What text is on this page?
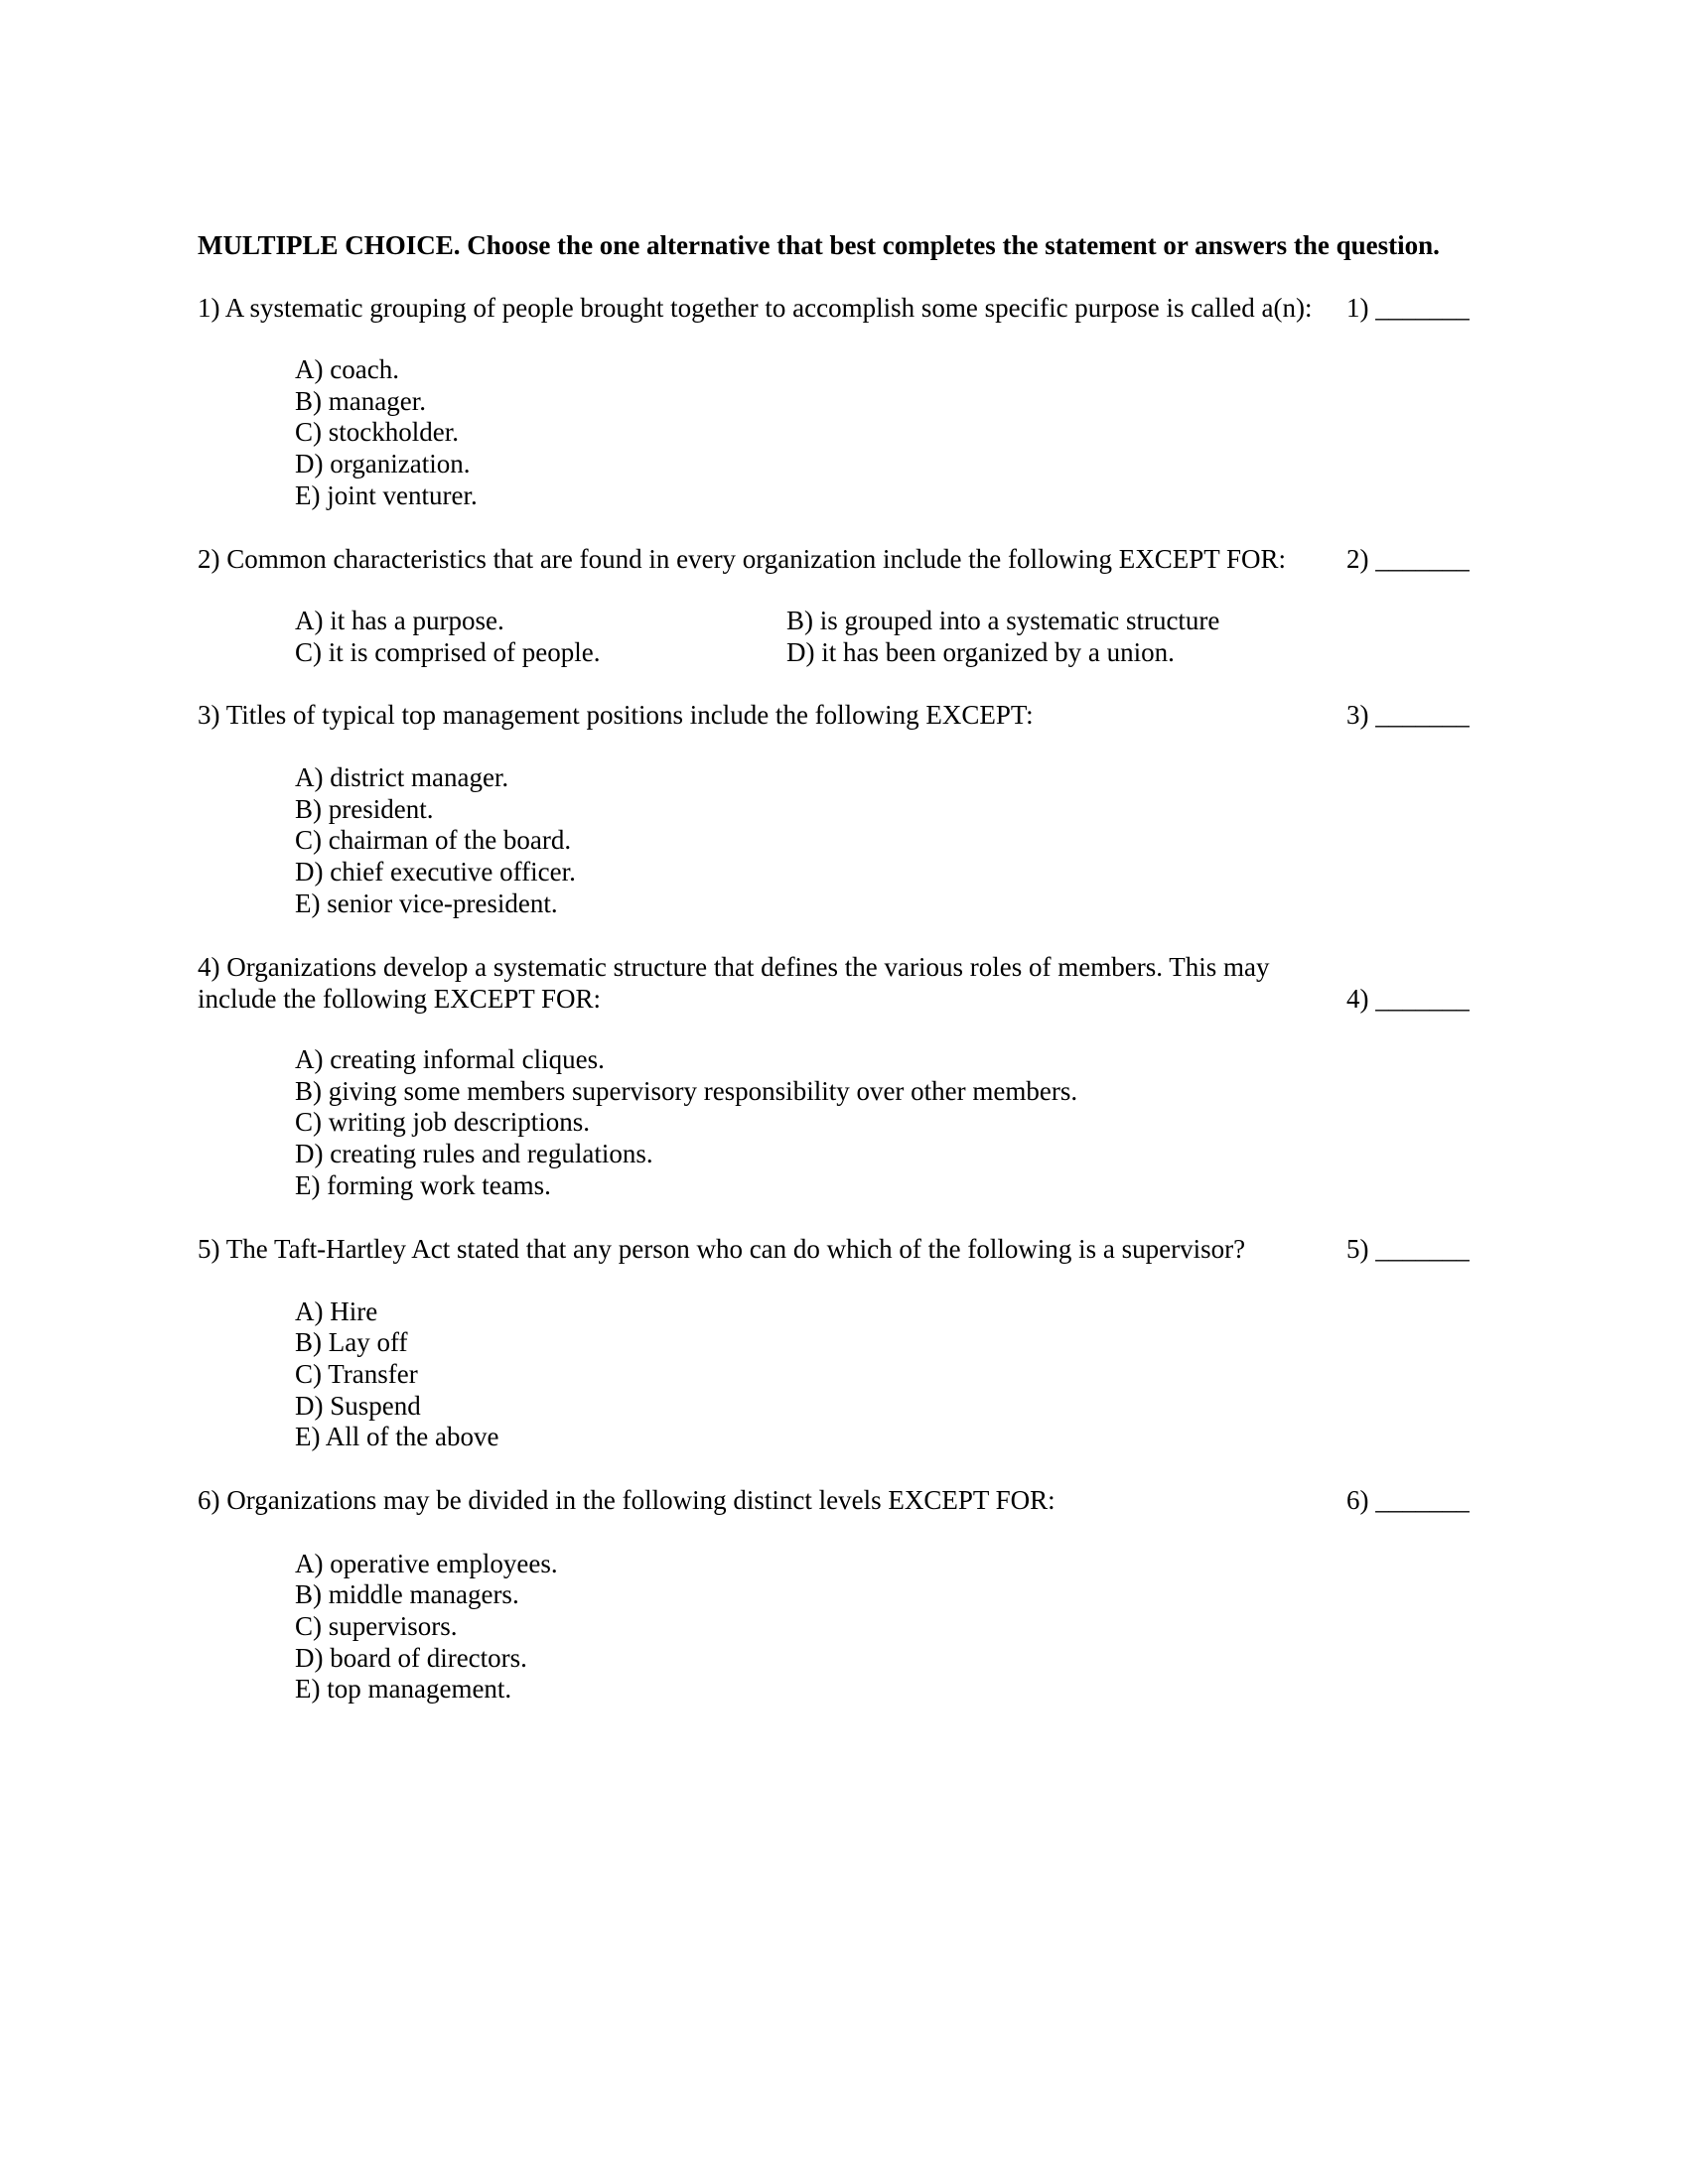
MULTIPLE CHOICE. Choose the one alternative that best completes the statement or answers the question.
1) A systematic grouping of people brought together to accomplish some specific purpose is called a(n): 1) _______
A) coach.
B) manager.
C) stockholder.
D) organization.
E) joint venturer.
2) Common characteristics that are found in every organization include the following EXCEPT FOR: 2) _______
A) it has a purpose.	B) is grouped into a systematic structure
C) it is comprised of people.	D) it has been organized by a union.
3) Titles of typical top management positions include the following EXCEPT:	3) _______
A) district manager.
B) president.
C) chairman of the board.
D) chief executive officer.
E) senior vice-president.
4) Organizations develop a systematic structure that defines the various roles of members. This may
include the following EXCEPT FOR:	4) _______
A) creating informal cliques.
B) giving some members supervisory responsibility over other members.
C) writing job descriptions.
D) creating rules and regulations.
E) forming work teams.
5) The Taft-Hartley Act stated that any person who can do which of the following is a supervisor?	5) _______
A) Hire
B) Lay off
C) Transfer
D) Suspend
E) All of the above
6) Organizations may be divided in the following distinct levels EXCEPT FOR:	6) _______
A) operative employees.
B) middle managers.
C) supervisors.
D) board of directors.
E) top management.
